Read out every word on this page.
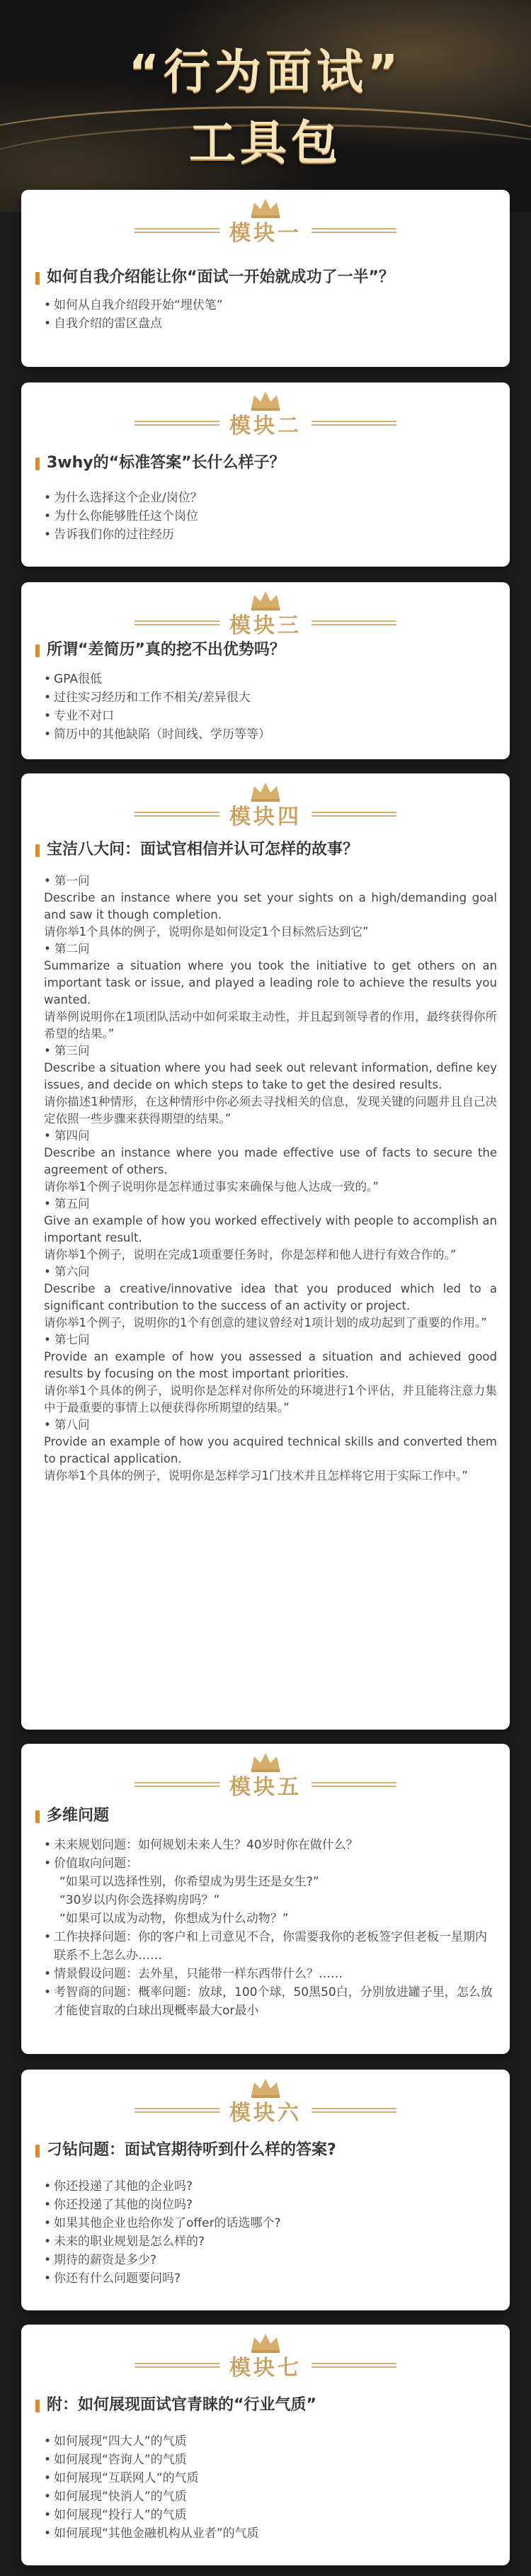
“行为面试”
工具包
模块一
如何自我介绍能让你“面试一开始就成功了一半”？
• 如何从自我介绍段开始“埋伏笔”
• 自我介绍的雷区盘点
模块二
3why的“标准答案”长什么样子？
• 为什么选择这个企业/岗位？
• 为什么你能够胜任这个岗位
• 告诉我们你的过往经历
模块三
所谓“差简历”真的挖不出优势吗？
• GPA很低
• 过往实习经历和工作不相关/差异很大
• 专业不对口
• 简历中的其他缺陷（时间线、学历等等）
模块四
宝洁八大问：面试官相信并认可怎样的故事？

• 第一问

Describe an instance where you set your sights on a high/demanding goal and saw it though completion.

请你举1个具体的例子，说明你是如何设定1个目标然后达到它”

• 第二问

Summarize a situation where you took the initiative to get others on an important task or issue, and played a leading role to achieve the results you wanted.

请举例说明你在1项团队活动中如何采取主动性，并且起到领导者的作用，最终获得你所希望的结果。”

• 第三问

Describe a situation where you had seek out relevant information, define key issues, and decide on which steps to take to get the desired results.

请你描述1种情形，在这种情形中你必须去寻找相关的信息，发现关键的问题并且自己决定依照一些步骤来获得期望的结果。”

• 第四问

Describe an instance where you made effective use of facts to secure the agreement of others.

请你举1个例子说明你是怎样通过事实来确保与他人达成一致的。”

• 第五问

Give an example of how you worked effectively with people to accomplish an important result.

请你举1个例子，说明在完成1项重要任务时，你是怎样和他人进行有效合作的。”

• 第六问

Describe a creative/innovative idea that you produced which led to a significant contribution to the success of an activity or project.

请你举1个例子，说明你的1个有创意的建议曾经对1项计划的成功起到了重要的作用。”

• 第七问

Provide an example of how you assessed a situation and achieved good results by focusing on the most important priorities.

请你举1个具体的例子，说明你是怎样对你所处的环境进行1个评估，并且能将注意力集中于最重要的事情上以便获得你所期望的结果。”

• 第八问

Provide an example of how you acquired technical skills and converted them to practical application.

请你举1个具体的例子，说明你是怎样学习1门技术并且怎样将它用于实际工作中。”

模块五
多维问题
• 未来规划问题：如何规划未来人生？40岁时你在做什么？
• 价值取向问题：
“如果可以选择性别，你希望成为男生还是女生?”
“30岁以内你会选择购房吗？”
“如果可以成为动物，你想成为什么动物？”
• 工作抉择问题：你的客户和上司意见不合，你需要我你的老板签字但老板一星期内联系不上怎么办……
• 情景假设问题：去外星，只能带一样东西带什么？……
• 考智商的问题：概率问题：放球，100个球，50黑50白，分别放进罐子里，怎么放才能使盲取的白球出现概率最大or最小
模块六
刁钻问题：面试官期待听到什么样的答案?
• 你还投递了其他的企业吗?
• 你还投递了其他的岗位吗?
• 如果其他企业也给你发了offer的话选哪个?
• 未来的职业规划是怎么样的?
• 期待的薪资是多少?
• 你还有什么问题要问吗?
模块七
附：如何展现面试官青睐的“行业气质”
• 如何展现“四大人”的气质
• 如何展现“咨询人”的气质
• 如何展现“互联网人”的气质
• 如何展现“快消人”的气质
• 如何展现“投行人”的气质
• 如何展现“其他金融机构从业者”的气质
